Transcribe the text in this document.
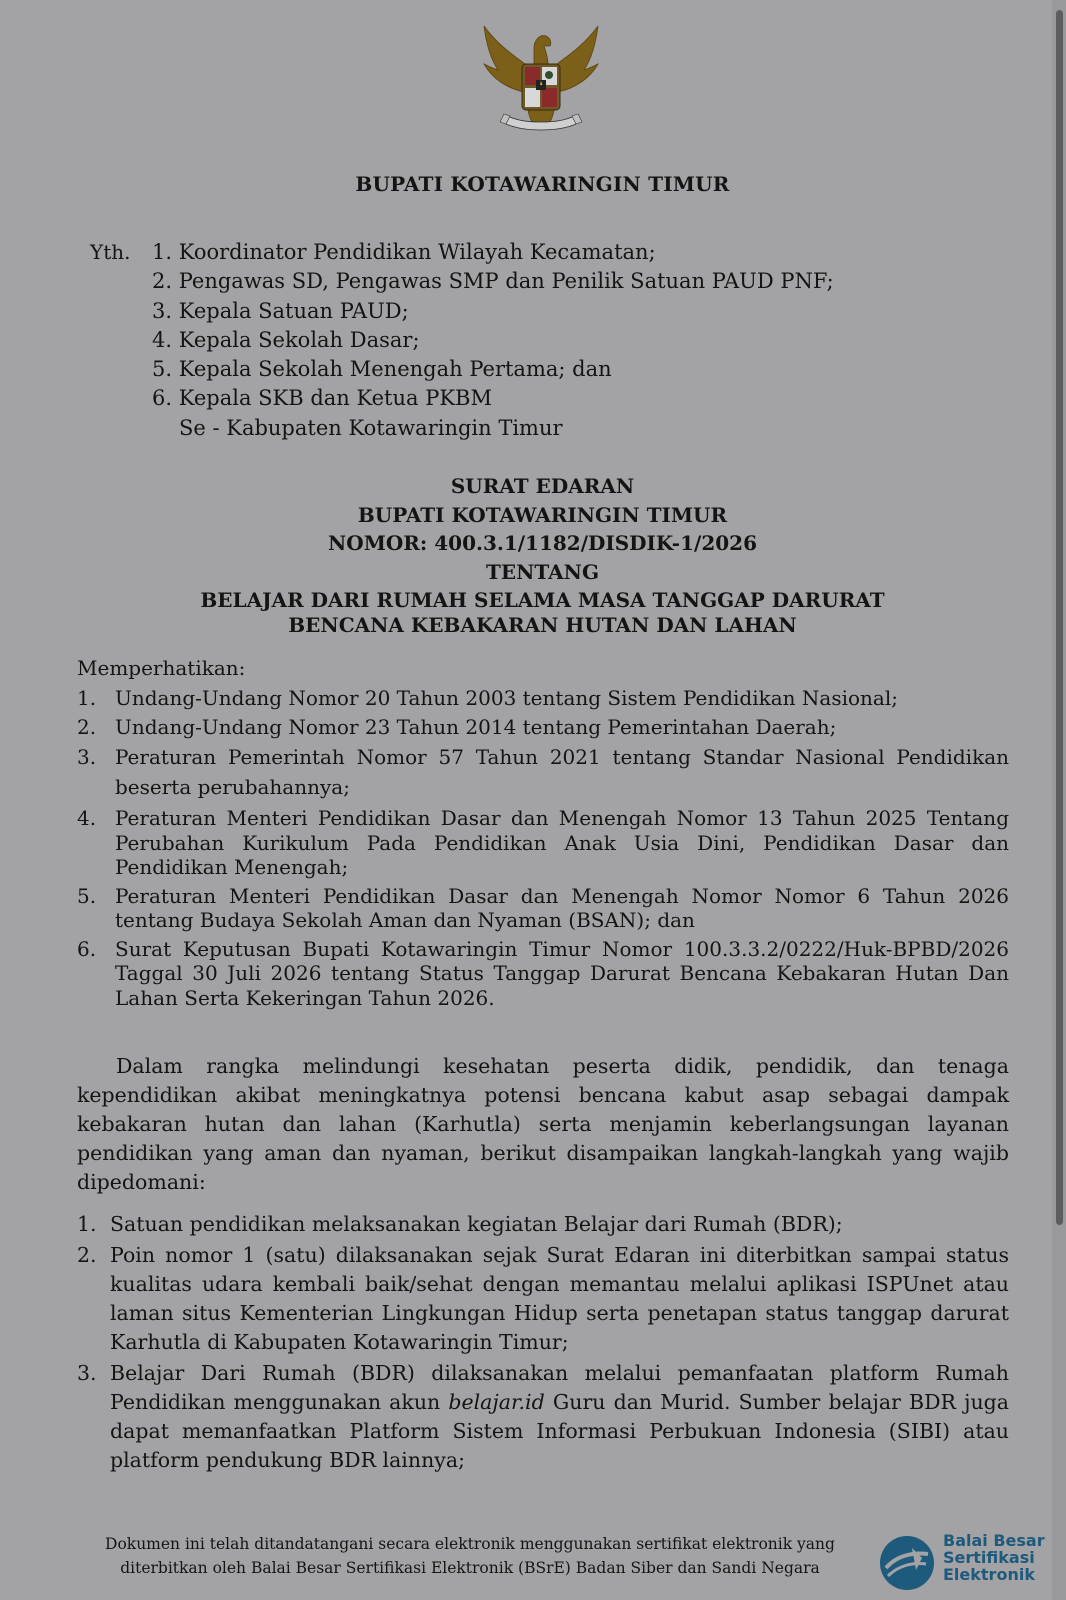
BUPATI KOTAWARINGIN TIMUR
Yth. 1. Koordinator Pendidikan Wilayah Kecamatan;
2. Pengawas SD, Pengawas SMP dan Penilik Satuan PAUD PNF;
3. Kepala Satuan PAUD;
4. Kepala Sekolah Dasar;
5. Kepala Sekolah Menengah Pertama; dan
6. Kepala SKB dan Ketua PKBM
Se - Kabupaten Kotawaringin Timur
SURAT EDARAN
BUPATI KOTAWARINGIN TIMUR
NOMOR: 400.3.1/1182/DISDIK-1/2026
TENTANG
BELAJAR DARI RUMAH SELAMA MASA TANGGAP DARURAT
BENCANA KEBAKARAN HUTAN DAN LAHAN
Memperhatikan:
1. Undang-Undang Nomor 20 Tahun 2003 tentang Sistem Pendidikan Nasional;
2. Undang-Undang Nomor 23 Tahun 2014 tentang Pemerintahan Daerah;
3. Peraturan Pemerintah Nomor 57 Tahun 2021 tentang Standar Nasional Pendidikan beserta perubahannya;
4. Peraturan Menteri Pendidikan Dasar dan Menengah Nomor 13 Tahun 2025 Tentang Perubahan Kurikulum Pada Pendidikan Anak Usia Dini, Pendidikan Dasar dan Pendidikan Menengah;
5. Peraturan Menteri Pendidikan Dasar dan Menengah Nomor Nomor 6 Tahun 2026 tentang Budaya Sekolah Aman dan Nyaman (BSAN); dan
6. Surat Keputusan Bupati Kotawaringin Timur Nomor 100.3.3.2/0222/Huk-BPBD/2026 Taggal 30 Juli 2026 tentang Status Tanggap Darurat Bencana Kebakaran Hutan Dan Lahan Serta Kekeringan Tahun 2026.
Dalam rangka melindungi kesehatan peserta didik, pendidik, dan tenaga kependidikan akibat meningkatnya potensi bencana kabut asap sebagai dampak kebakaran hutan dan lahan (Karhutla) serta menjamin keberlangsungan layanan pendidikan yang aman dan nyaman, berikut disampaikan langkah-langkah yang wajib dipedomani:
1. Satuan pendidikan melaksanakan kegiatan Belajar dari Rumah (BDR);
2. Poin nomor 1 (satu) dilaksanakan sejak Surat Edaran ini diterbitkan sampai status kualitas udara kembali baik/sehat dengan memantau melalui aplikasi ISPUnet atau laman situs Kementerian Lingkungan Hidup serta penetapan status tanggap darurat Karhutla di Kabupaten Kotawaringin Timur;
3. Belajar Dari Rumah (BDR) dilaksanakan melalui pemanfaatan platform Rumah Pendidikan menggunakan akun belajar.id Guru dan Murid. Sumber belajar BDR juga dapat memanfaatkan Platform Sistem Informasi Perbukuan Indonesia (SIBI) atau platform pendukung BDR lainnya;
Dokumen ini telah ditandatangani secara elektronik menggunakan sertifikat elektronik yang
diterbitkan oleh Balai Besar Sertifikasi Elektronik (BSrE) Badan Siber dan Sandi Negara
Balai Besar
Sertifikasi
Elektronik
